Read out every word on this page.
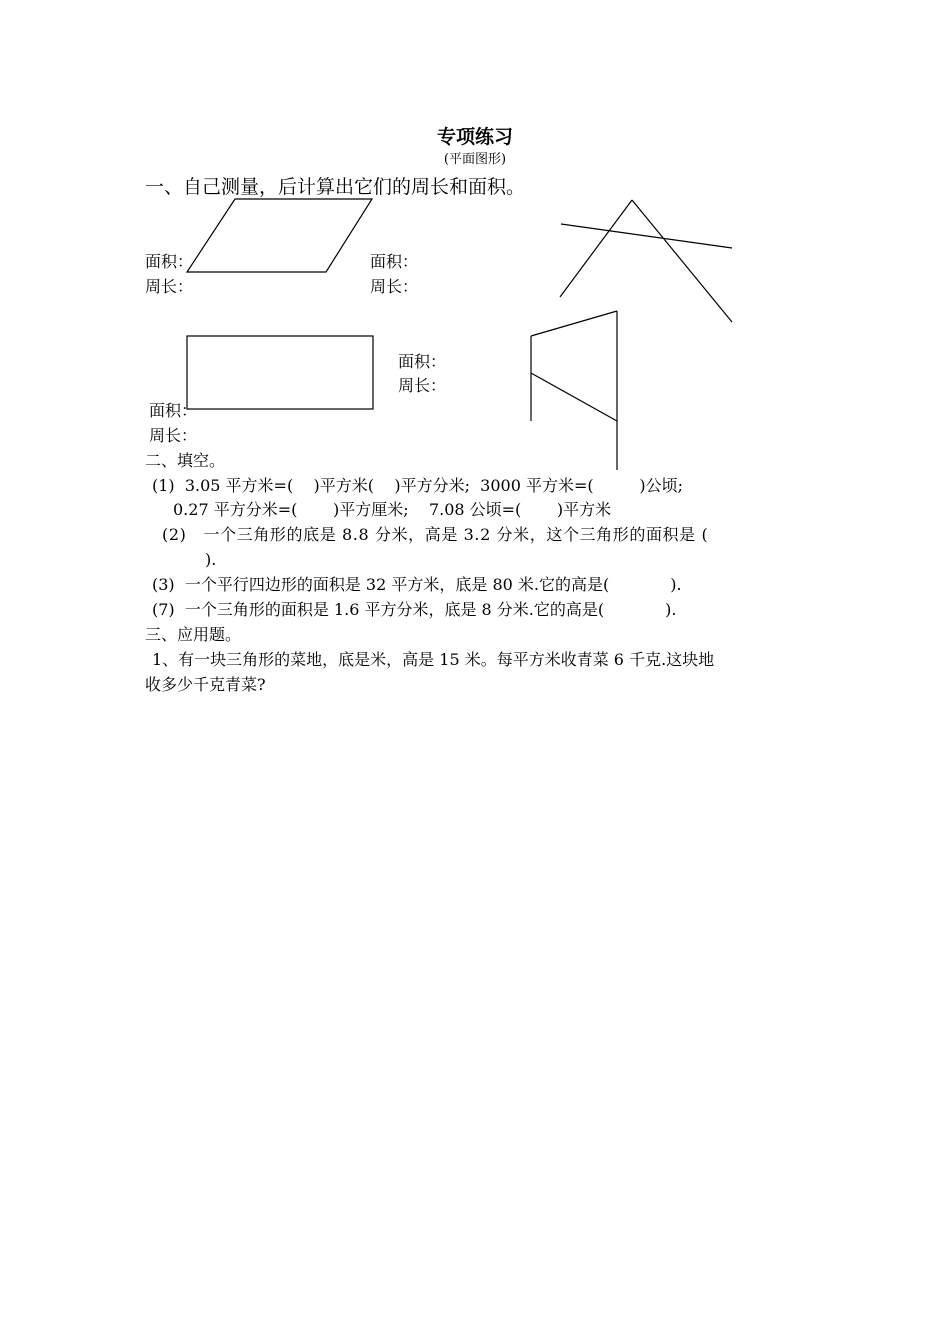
专项练习
(平面图形)
一、自己测量，后计算出它们的周长和面积。
面积：
周长：
面积：
周长：
面积：
周长：
面积：
周长：
二、填空。
(1)  3.05 平方米=(    )平方米(    )平方分米;  3000 平方米=(         )公顷;
0.27 平方分米=(       )平方厘米;    7.08 公顷=(       )平方米
(2)   一个三角形的底是 8.8 分米，高是 3.2 分米，这个三角形的面积是 (
).
(3)  一个平行四边形的面积是 32 平方米，底是 80 米.它的高是(            ).
(7)  一个三角形的面积是 1.6 平方分米，底是 8 分米.它的高是(            ).
三、应用题。
1、有一块三角形的菜地，底是米，高是 15 米。每平方米收青菜 6 千克.这块地
收多少千克青菜?
